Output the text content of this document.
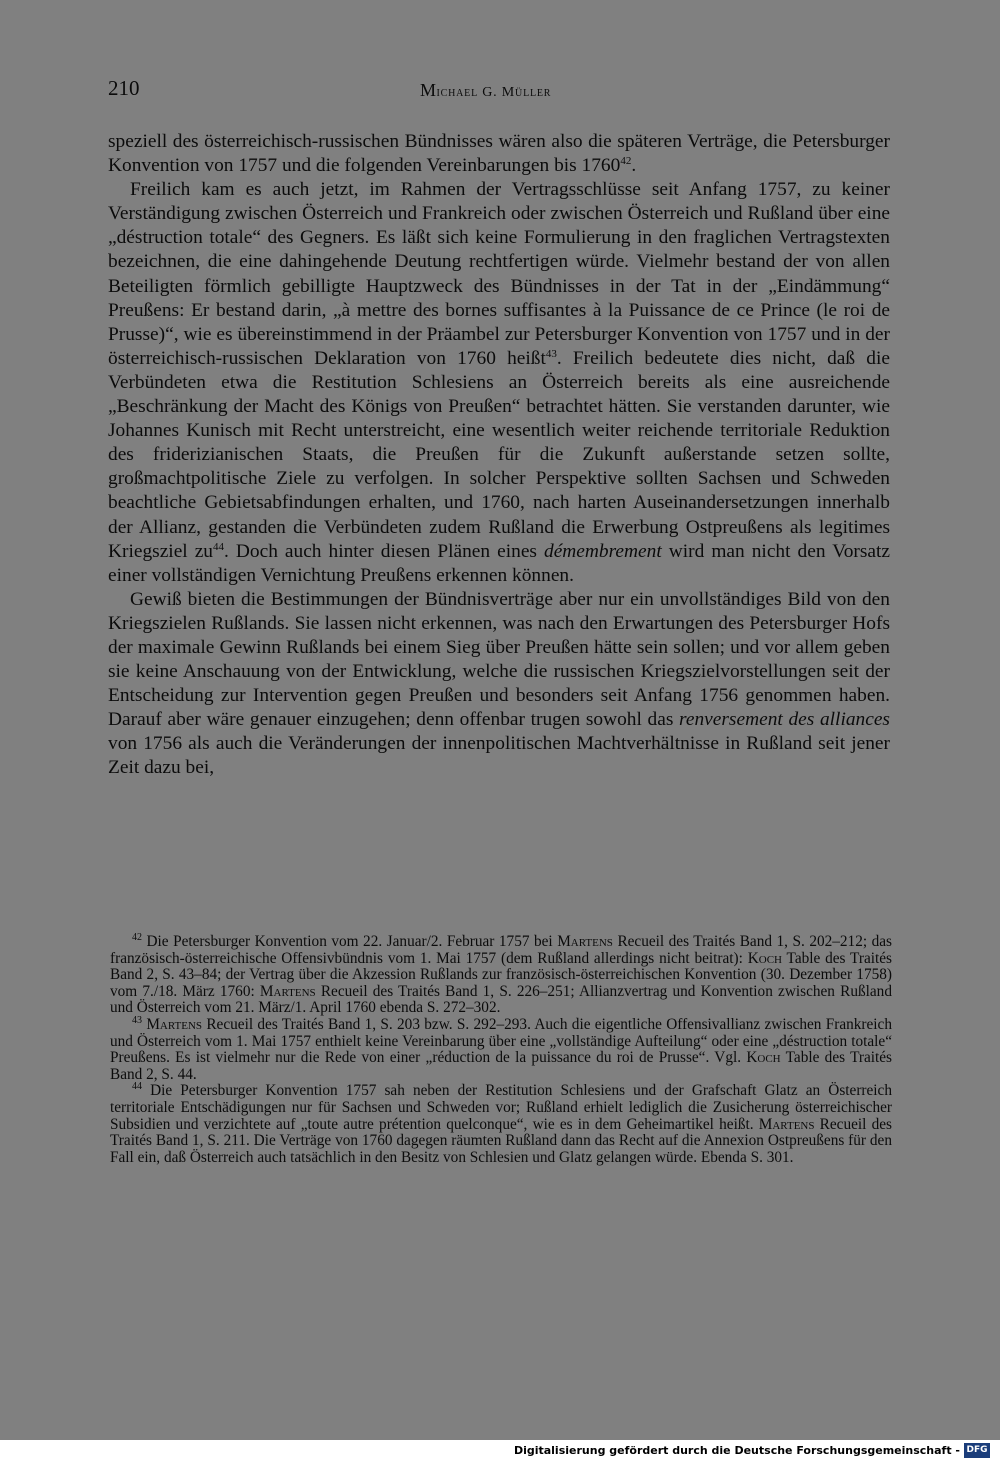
210	Michael G. Müller

speziell des österreichisch-russischen Bündnisses wären also die späteren Verträge, die Petersburger Konvention von 1757 und die folgenden Vereinbarungen bis 1760$^{42}$.

Freilich kam es auch jetzt, im Rahmen der Vertragsschlüsse seit Anfang 1757, zu keiner Verständigung zwischen Österreich und Frankreich oder zwischen Österreich und Rußland über eine „déstruction totale“ des Gegners. Es läßt sich keine Formulierung in den fraglichen Vertragstexten bezeichnen, die eine dahingehende Deutung rechtfertigen würde. Vielmehr bestand der von allen Beteiligten förmlich gebilligte Hauptzweck des Bündnisses in der Tat in der „Eindämmung“ Preußens: Er bestand darin, „à mettre des bornes suffisantes à la Puissance de ce Prince (le roi de Prusse)“, wie es übereinstimmend in der Präambel zur Petersburger Konvention von 1757 und in der österreichisch-russischen Deklaration von 1760 heißt$^{43}$. Freilich bedeutete dies nicht, daß die Verbündeten etwa die Restitution Schlesiens an Österreich bereits als eine ausreichende „Beschränkung der Macht des Königs von Preußen“ betrachtet hätten. Sie verstanden darunter, wie Johannes Kunisch mit Recht unterstreicht, eine wesentlich weiter reichende territoriale Reduktion des friderizianischen Staats, die Preußen für die Zukunft außerstande setzen sollte, großmachtpolitische Ziele zu verfolgen. In solcher Perspektive sollten Sachsen und Schweden beachtliche Gebietsabfindungen erhalten, und 1760, nach harten Auseinandersetzungen innerhalb der Allianz, gestanden die Verbündeten zudem Rußland die Erwerbung Ostpreußens als legitimes Kriegsziel $zu^{44}$. Doch auch hinter diesen Plänen eines démembrement wird man nicht den Vorsatz einer vollständigen Vernichtung Preußens erkennen können.

Gewiß bieten die Bestimmungen der Bündnisverträge aber nur ein unvollständiges Bild von den Kriegszielen Rußlands. Sie lassen nicht erkennen, was nach den Erwartungen des Petersburger Hofs der maximale Gewinn Rußlands bei einem Sieg über Preußen hätte sein sollen; und vor allem geben sie keine Anschauung von der Entwicklung, welche die russischen Kriegszielvorstellungen seit der Entscheidung zur Intervention gegen Preußen und besonders seit Anfang 1756 genommen haben. Darauf aber wäre genauer einzugehen; denn offenbar trugen sowohl das renversement des alliances von 1756 als auch die Veränderungen der innenpolitischen Machtverhältnisse in Rußland seit jener Zeit dazu bei,

$^{42}$ Die Petersburger Konvention vom 22. Januar/2. Februar 1757 bei Martens Recueil des Traités Band 1, S. 202–212; das französisch-österreichische Offensivbündnis vom 1. Mai 1757 (dem Rußland allerdings nicht beitrat): Koch Table des Traités Band 2, S. 43–84; der Vertrag über die Akzession Rußlands zur französisch-österreichischen Konvention (30. Dezember 1758) vom 7./18. März 1760: Martens Recueil des Traités Band 1, S. 226–251; Allianzvertrag und Konvention zwischen Rußland und Österreich vom 21. März/1. April 1760 ebenda S. 272–302.

$^{43}$ Martens Recueil des Traités Band 1, S. 203 bzw. S. 292–293. Auch die eigentliche Offensivallianz zwischen Frankreich und Österreich vom 1. Mai 1757 enthielt keine Vereinbarung über eine „vollständige Aufteilung“ oder eine „déstruction totale“ Preußens. Es ist vielmehr nur die Rede von einer „réduction de la puissance du roi de Prusse“. Vgl. Koch Table des Traités Band 2, S. 44.

$^{44}$ Die Petersburger Konvention 1757 sah neben der Restitution Schlesiens und der Grafschaft Glatz an Österreich territoriale Entschädigungen nur für Sachsen und Schweden vor; Rußland erhielt lediglich die Zusicherung österreichischer Subsidien und verzichtete auf „toute autre prétention quelconque“, wie es in dem Geheimartikel heißt. Martens Recueil des Traités Band 1, S. 211. Die Verträge von 1760 dagegen räumten Rußland dann das Recht auf die Annexion Ostpreußens für den Fall ein, daß Österreich auch tatsächlich in den Besitz von Schlesien und Glatz gelangen würde. Ebenda S. 301.

Digitalisierung gefördert durch die Deutsche Forschungsgemeinschaft - DFG
